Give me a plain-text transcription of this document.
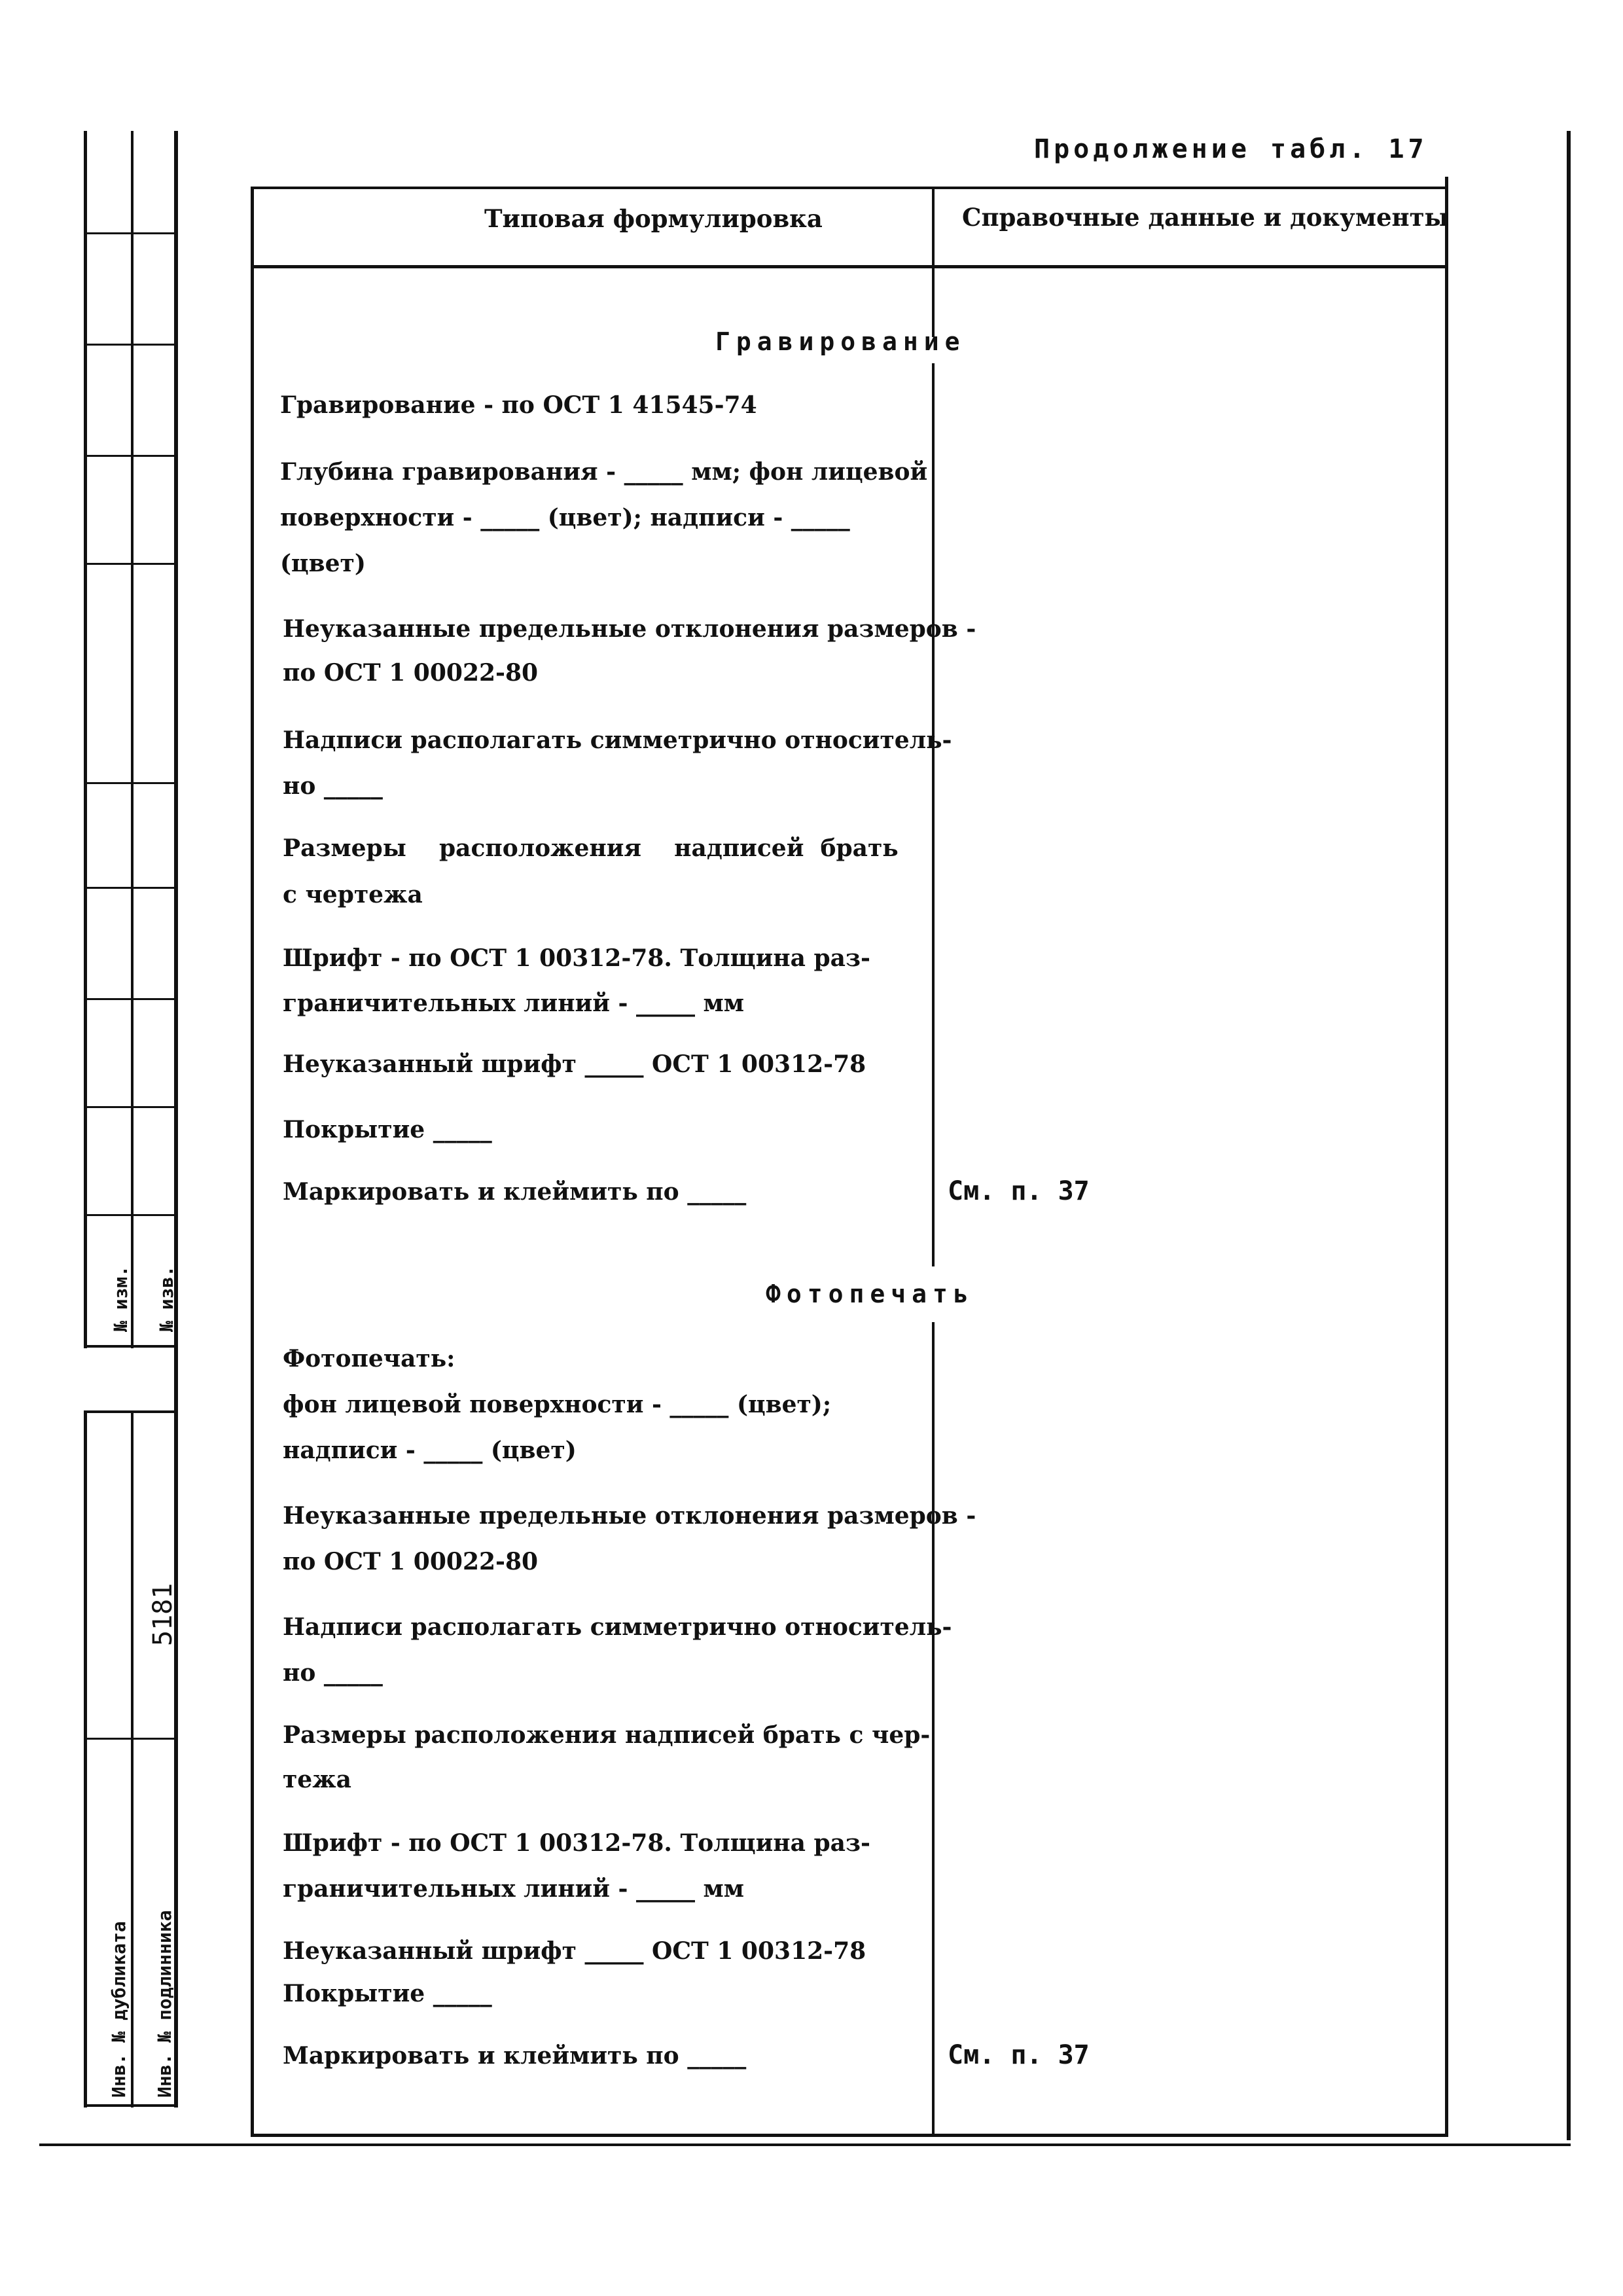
№ изм. № изв.
Инв. № дубликата Инв. № подлинника
5181
Продолжение табл. 17
Типовая формулировка	Справочные данные и документы
Гравирование
Гравирование - по ОСТ 1 41545-74
Глубина гравирования - _____ мм; фон лицевой
поверхности - _____ (цвет); надписи - _____
(цвет)
Неуказанные предельные отклонения размеров -
по ОСТ 1 00022-80
Надписи располагать симметрично относитель-
но _____
Размеры    расположения    надписей  брать
с чертежа
Шрифт - по ОСТ 1 00312-78. Толщина раз-
граничительных линий - _____ мм
Неуказанный шрифт _____ ОСТ 1 00312-78
Покрытие _____
Маркировать и клеймить по _____	См. п. 37
Фотопечать
Фотопечать:
фон лицевой поверхности - _____ (цвет);
надписи - _____ (цвет)
Неуказанные предельные отклонения размеров -
по ОСТ 1 00022-80
Надписи располагать симметрично относитель-
но _____
Размеры расположения надписей брать с чер-
тежа
Шрифт - по ОСТ 1 00312-78. Толщина раз-
граничительных линий - _____ мм
Неуказанный шрифт _____ ОСТ 1 00312-78
Покрытие _____
Маркировать и клеймить по _____	См. п. 37
